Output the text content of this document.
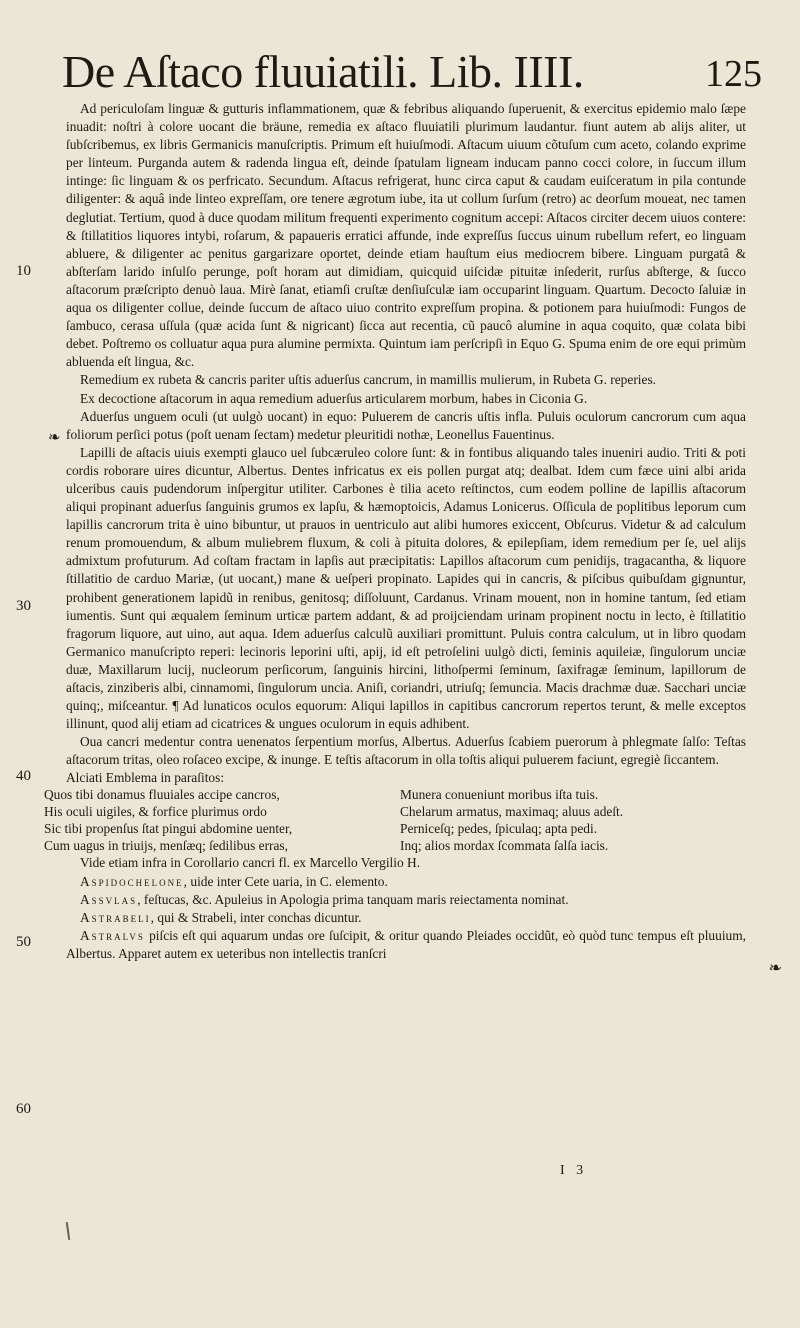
De Aſtaco fluuiatili. Lib. IIII.	125
10
❧
30
40
50
60
❧

Ad periculoſam linguæ & gutturis inflammationem, quæ & febribus aliquando ſuperuenit, & exercitus epidemio malo ſæpe inuadit: noſtri à colore uocant die bräune, remedia ex aſtaco fluuiatili plurimum laudantur. fiunt autem ab alijs aliter, ut ſubſcribemus, ex libris Germanicis manuſcriptis. Primum eſt huiuſmodi. Aſtacum uiuum cõtuſum cum aceto, colando exprime per linteum. Purganda autem & radenda lingua eſt, deinde ſpatulam ligneam inducam panno cocci colore, in ſuccum illum intinge: ſic linguam & os perfricato. Secundum. Aſtacus refrigerat, hunc circa caput & caudam euiſceratum in pila contunde diligenter: & aquâ inde linteo expreſſam, ore tenere ægrotum iube, ita ut collum ſurſum (retro) ac deorſum moueat, nec tamen deglutiat. Tertium, quod à duce quodam militum frequenti experimento cognitum accepi: Aſtacos circiter decem uiuos contere: & ſtillatitios liquores intybi, roſarum, & papaueris erratici affunde, inde expreſſus ſuccus uinum rubellum refert, eo linguam abluere, & diligenter ac penitus gargarizare oportet, deinde etiam hauſtum eius mediocrem bibere. Linguam purgatâ & abſterſam larido inſulſo perunge, poſt horam aut dimidiam, quicquid uiſcidæ pituitæ inſederit, rurſus abſterge, & ſucco aſtacorum præſcripto denuò laua. Mirè ſanat, etiamſi cruſtæ denſiuſculæ iam occuparint linguam. Quartum. Decocto ſaluiæ in aqua os diligenter collue, deinde ſuccum de aſtaco uiuo contrito expreſſum propina. & potionem para huiuſmodi: Fungos de ſambuco, cerasa uſſula (quæ acida ſunt & nigricant) ſicca aut recentia, cũ paucô alumine in aqua coquito, quæ colata bibi debet. Poſtremo os colluatur aqua pura alumine permixta. Quintum iam perſcripſi in Equo G. Spuma enim de ore equi primùm abluenda eſt lingua, &c.

Remedium ex rubeta & cancris pariter uſtis aduerſus cancrum, in mamillis mulierum, in Rubeta G. reperies.

Ex decoctione aſtacorum in aqua remedium aduerſus articularem morbum, habes in Ciconia G.

Aduerſus unguem oculi (ut uulgò uocant) in equo: Puluerem de cancris uſtis infla. Puluis oculorum cancrorum cum aqua foliorum perſici potus (poſt uenam ſectam) medetur pleuritidi nothæ, Leonellus Fauentinus.

Lapilli de aſtacis uiuis exempti glauco uel ſubcæruleo colore ſunt: & in fontibus aliquando tales inueniri audio. Triti & poti cordis roborare uires dicuntur, Albertus. Dentes infricatus ex eis pollen purgat atq; dealbat. Idem cum fæce uini albi arida ulceribus cauis pudendorum inſpergitur utiliter. Carbones è tilia aceto reſtinctos, cum eodem polline de lapillis aſtacorum aliqui propinant aduerſus ſanguinis grumos ex lapſu, & hæmoptoicis, Adamus Lonicerus. Oſſicula de poplitibus leporum cum lapillis cancrorum trita è uino bibuntur, ut prauos in uentriculo aut alibi humores exiccent, Obſcurus. Videtur & ad calculum renum promouendum, & album muliebrem fluxum, & coli à pituita dolores, & epilepſiam, idem remedium per ſe, uel alijs admixtum profuturum. Ad coſtam fractam in lapſis aut præcipitatis: Lapillos aſtacorum cum penidijs, tragacantha, & liquore ſtillatitio de carduo Mariæ, (ut uocant,) mane & ueſperi propinato. Lapides qui in cancris, & piſcibus quibuſdam gignuntur, prohibent generationem lapidũ in renibus, genitosq; diſſoluunt, Cardanus. Vrinam mouent, non in homine tantum, ſed etiam iumentis. Sunt qui æqualem ſeminum urticæ partem addant, & ad proijciendam urinam propinent noctu in lecto, è ſtillatitio fragorum liquore, aut uino, aut aqua. Idem aduerſus calculũ auxiliari promittunt. Puluis contra calculum, ut in libro quodam Germanico manuſcripto reperi: lecinoris leporini uſti, apij, id eſt petroſelini uulgò dicti, ſeminis aquileiæ, ſingulorum unciæ duæ, Maxillarum lucij, nucleorum perſicorum, ſanguinis hircini, lithoſpermi ſeminum, ſaxifragæ ſeminum, lapillorum de aſtacis, zinziberis albi, cinnamomi, ſingulorum uncia. Aniſi, coriandri, utriuſq; ſemuncia. Macis drachmæ duæ. Sacchari unciæ quinq;, miſceantur. ¶ Ad lunaticos oculos equorum: Aliqui lapillos in capitibus cancrorum repertos terunt, & melle exceptos illinunt, quod alij etiam ad cicatrices & ungues oculorum in equis adhibent.

Oua cancri medentur contra uenenatos ſerpentium morſus, Albertus. Aduerſus ſcabiem puerorum à phlegmate ſalſo: Teſtas aſtacorum tritas, oleo roſaceo excipe, & inunge. E teſtis aſtacorum in olla toſtis aliqui puluerem faciunt, egregiè ſiccantem.

Alciati Emblema in paraſitos:
Quos tibi donamus fluuiales accipe cancros,	Munera conueniunt moribus iſta tuis.
His oculi uigiles, & forfice plurimus ordo	Chelarum armatus, maximaq; aluus adeſt.
Sic tibi propenſus ſtat pingui abdomine uenter,	Perniceſq; pedes, ſpiculaq; apta pedi.
Cum uagus in triuijs, menſæq; ſedilibus erras,	Inq; alios mordax ſcommata ſalſa iacis.

Vide etiam infra in Corollario cancri fl. ex Marcello Vergilio H.

Aspidochelone, uide inter Cete uaria, in C. elemento.

Assvlas, feſtucas, &c. Apuleius in Apologia prima tanquam maris reiectamenta nominat.

Astrabeli, qui & Strabeli, inter conchas dicuntur.

Astralvs piſcis eſt qui aquarum undas ore ſuſcipit, & oritur quando Pleiades occidũt, eò quòd tunc tempus eſt pluuium, Albertus. Apparet autem ex ueteribus non intellectis tranſcri

I 3
